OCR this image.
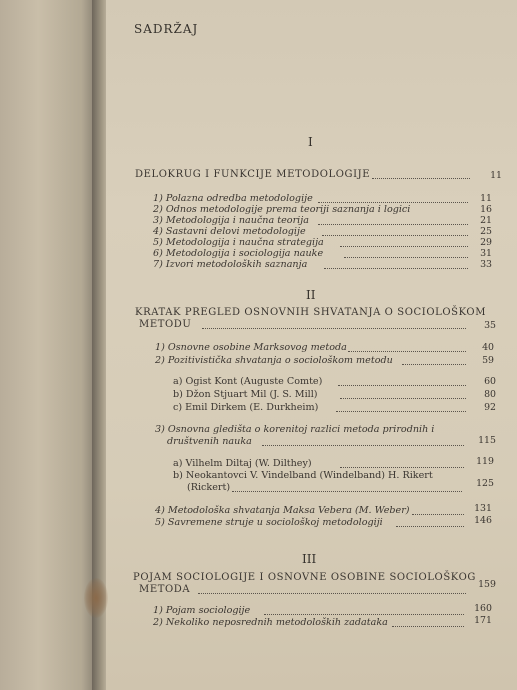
SADRŽAJ
I
DELOKRUG I FUNKCIJE METODOLOGIJE	11
1) Polazna odredba metodologije	11
2) Odnos metodologije prema teoriji saznanja i logici	16
3) Metodologija i naučna teorija	21
4) Sastavni delovi metodologije	25
5) Metodologija i naučna strategija	29
6) Metodologija i sociologija nauke	31
7) Izvori metodoloških saznanja	33
II
KRATAK PREGLED OSNOVNIH SHVATANJA O SOCIOLOŠKOM
METODU	35
1) Osnovne osobine Marksovog metoda	40
2) Pozitivistička shvatanja o sociološkom metodu	59
a) Ogist Kont (Auguste Comte)	60
b) Džon Stjuart Mil (J. S. Mill)	80
c) Emil Dirkem (E. Durkheim)	92
3) Osnovna gledišta o korenitoj razlici metoda prirodnih i
društvenih nauka	115
a) Vilhelm Diltaj (W. Dilthey)	119
b) Neokantovci V. Vindelband (Windelband) H. Rikert
(Rickert)	125
4) Metodološka shvatanja Maksa Vebera (M. Weber)	131
5) Savremene struje u sociološkoj metodologiji	146
III
POJAM SOCIOLOGIJE I OSNOVNE OSOBINE SOCIOLOŠKOG
METODA	159
1) Pojam sociologije	160
2) Nekoliko neposrednih metodoloških zadataka	171
